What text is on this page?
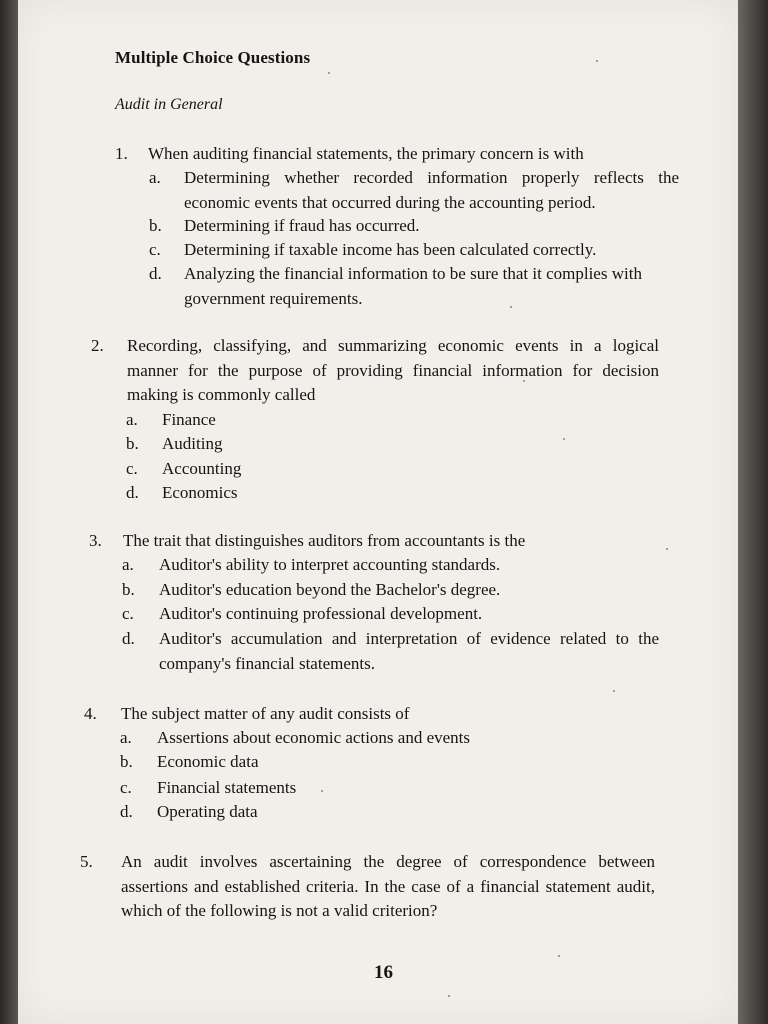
Multiple Choice Questions
Audit in General
1. When auditing financial statements, the primary concern is with
a. Determining whether recorded information properly reflects the economic events that occurred during the accounting period.
b. Determining if fraud has occurred.
c. Determining if taxable income has been calculated correctly.
d. Analyzing the financial information to be sure that it complies with government requirements.
2. Recording, classifying, and summarizing economic events in a logical manner for the purpose of providing financial information for decision making is commonly called
a. Finance
b. Auditing
c. Accounting
d. Economics
3. The trait that distinguishes auditors from accountants is the
a. Auditor's ability to interpret accounting standards.
b. Auditor's education beyond the Bachelor's degree.
c. Auditor's continuing professional development.
d. Auditor's accumulation and interpretation of evidence related to the company's financial statements.
4. The subject matter of any audit consists of
a. Assertions about economic actions and events
b. Economic data
c. Financial statements
d. Operating data
5. An audit involves ascertaining the degree of correspondence between assertions and established criteria. In the case of a financial statement audit, which of the following is not a valid criterion?
16
